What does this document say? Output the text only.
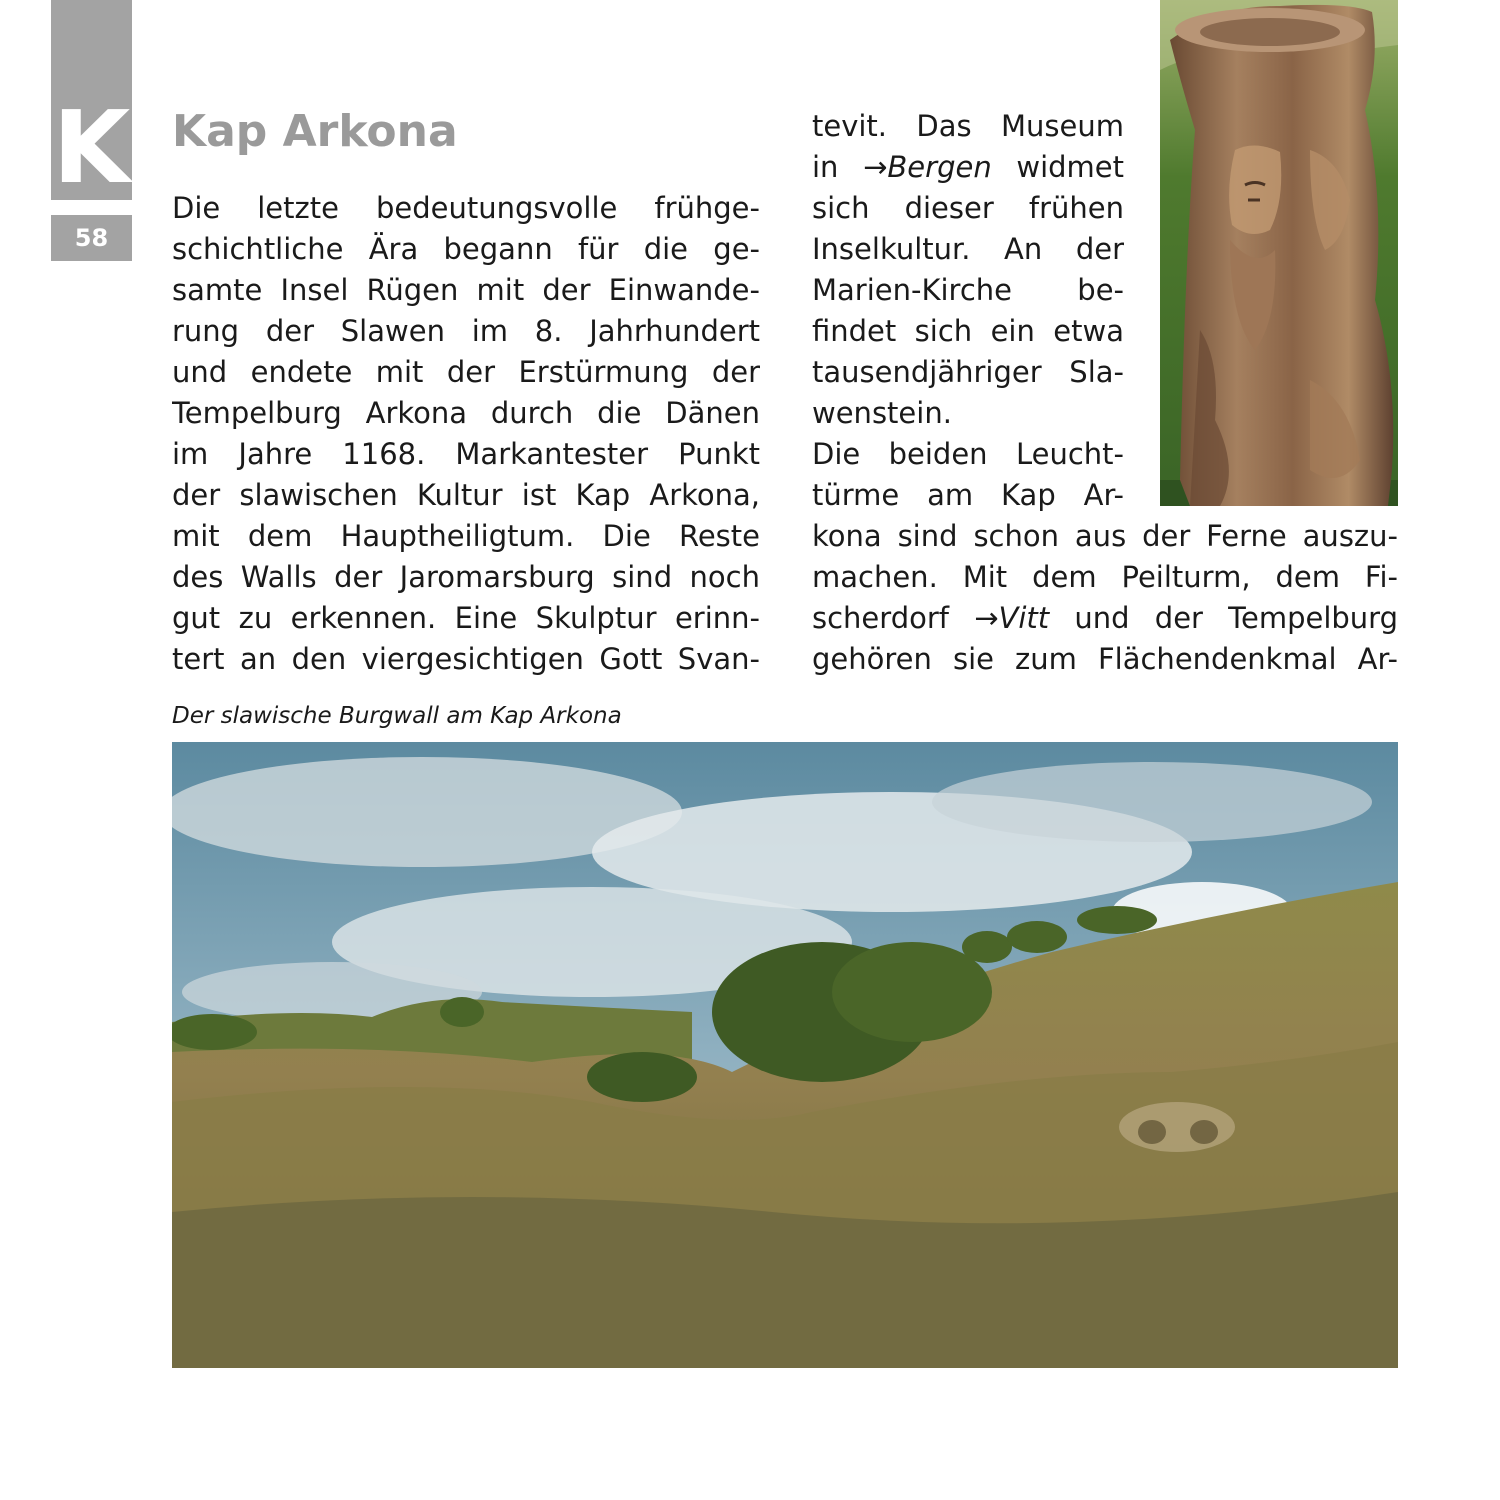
K
58
Kap Arkona
Die letzte bedeutungsvolle frühge-
schichtliche Ära begann für die ge-
samte Insel Rügen mit der Einwande-
rung der Slawen im 8. Jahrhundert
und endete mit der Erstürmung der
Tempelburg Arkona durch die Dänen
im Jahre 1168. Markantester Punkt
der slawischen Kultur ist Kap Arkona,
mit dem Hauptheiligtum. Die Reste
des Walls der Jaromarsburg sind noch
gut zu erkennen. Eine Skulptur erinn-
tert an den viergesichtigen Gott Svan-
tevit. Das Museum
in →Bergen widmet
sich dieser frühen
Inselkultur. An der
Marien-Kirche be-
findet sich ein etwa
tausendjähriger Sla-
wenstein.
Die beiden Leucht-
türme am Kap Ar-
kona sind schon aus der Ferne auszu-
machen. Mit dem Peilturm, dem Fi-
scherdorf →Vitt und der Tempelburg
gehören sie zum Flächendenkmal Ar-

Der slawische Burgwall am Kap Arkona
